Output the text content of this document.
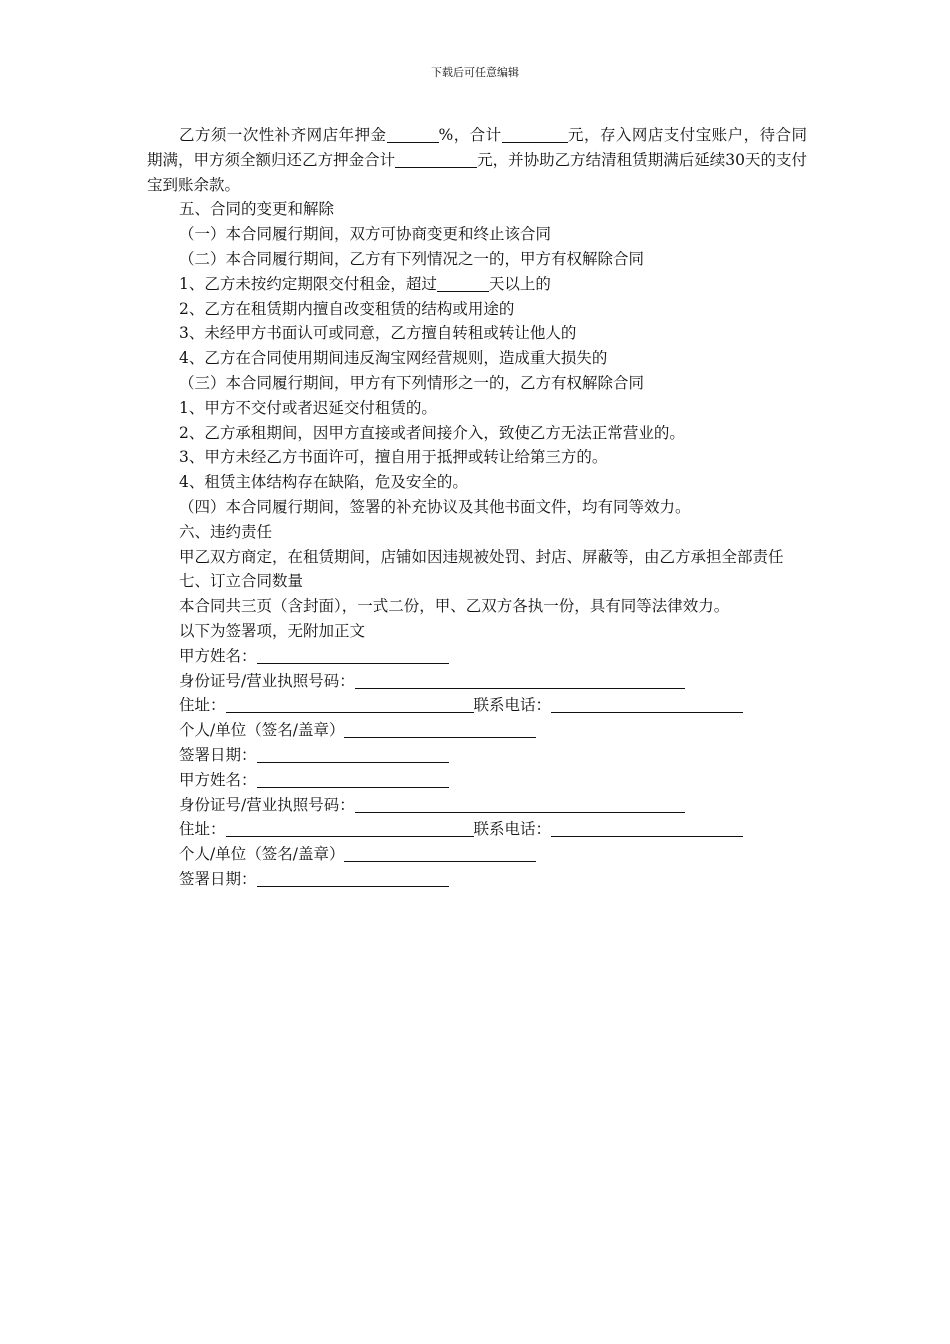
下载后可任意编辑

乙方须一次性补齐网店年押金	%，合计	元，存入网店支付宝账户，待合同期满，甲方须全额归还乙方押金合计	元，并协助乙方结清租赁期满后延续30天的支付宝到账余款。

五、合同的变更和解除

（一）本合同履行期间，双方可协商变更和终止该合同

（二）本合同履行期间，乙方有下列情况之一的，甲方有权解除合同

1、乙方未按约定期限交付租金，超过	天以上的

2、乙方在租赁期内擅自改变租赁的结构或用途的

3、未经甲方书面认可或同意，乙方擅自转租或转让他人的

4、乙方在合同使用期间违反淘宝网经营规则，造成重大损失的

（三）本合同履行期间，甲方有下列情形之一的，乙方有权解除合同

1、甲方不交付或者迟延交付租赁的。

2、乙方承租期间，因甲方直接或者间接介入，致使乙方无法正常营业的。

3、甲方未经乙方书面许可，擅自用于抵押或转让给第三方的。

4、租赁主体结构存在缺陷，危及安全的。

（四）本合同履行期间，签署的补充协议及其他书面文件，均有同等效力。

六、违约责任

甲乙双方商定，在租赁期间，店铺如因违规被处罚、封店、屏蔽等，由乙方承担全部责任

七、订立合同数量

本合同共三页（含封面），一式二份，甲、乙双方各执一份，具有同等法律效力。

以下为签署项，无附加正文

甲方姓名：

身份证号/营业执照号码：

住址：	联系电话：

个人/单位（签名/盖章）

签署日期：

甲方姓名：

身份证号/营业执照号码：

住址：	联系电话：

个人/单位（签名/盖章）

签署日期：
